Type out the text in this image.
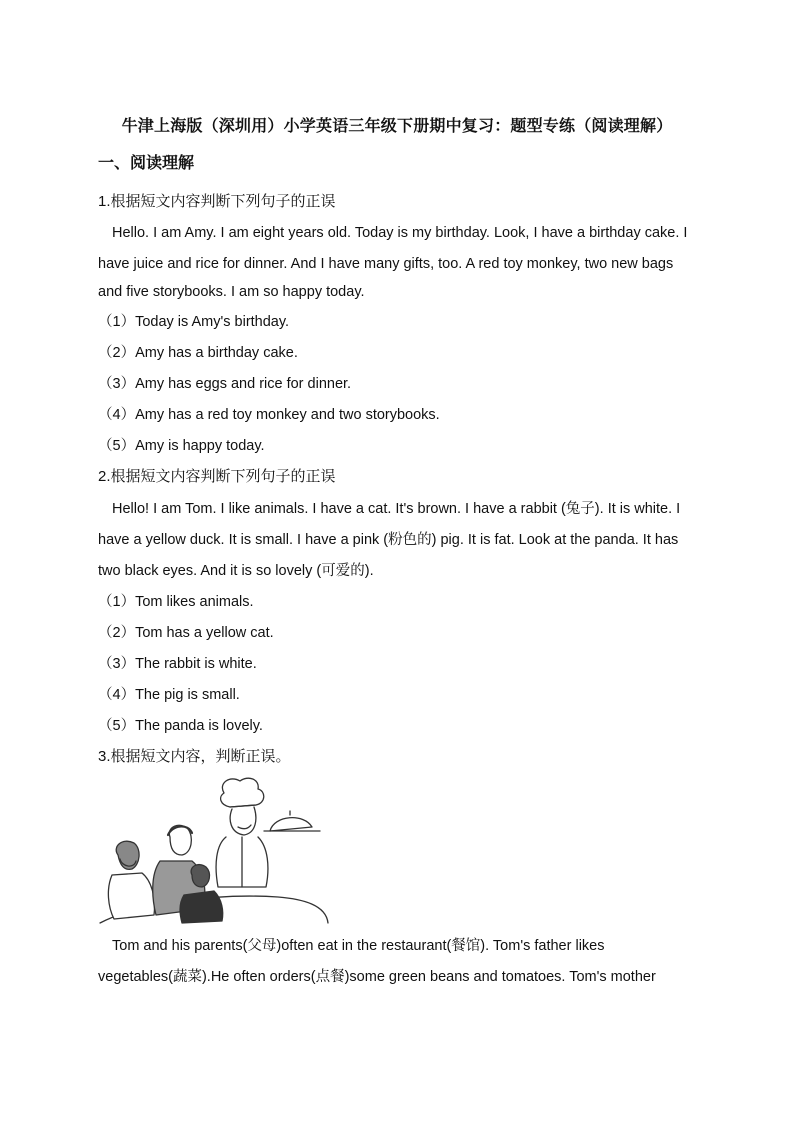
牛津上海版（深圳用）小学英语三年级下册期中复习：题型专练（阅读理解）
一、阅读理解
1.根据短文内容判断下列句子的正误
Hello. I am Amy. I am eight years old. Today is my birthday. Look, I have a birthday cake. I
have juice and rice for dinner. And I have many gifts, too. A red toy monkey, two new bags
and five storybooks. I am so happy today.
（1）Today is Amy's birthday.
（2）Amy has a birthday cake.
（3）Amy has eggs and rice for dinner.
（4）Amy has a red toy monkey and two storybooks.
（5）Amy is happy today.
2.根据短文内容判断下列句子的正误
Hello! I am Tom. I like animals. I have a cat. It's brown. I have a rabbit (兔子). It is white. I
have a yellow duck. It is small. I have a pink (粉色的) pig. It is fat. Look at the panda. It has
two black eyes. And it is so lovely (可爱的).
（1）Tom likes animals.
（2）Tom has a yellow cat.
（3）The rabbit is white.
（4）The pig is small.
（5）The panda is lovely.
3.根据短文内容，判断正误。
Tom and his parents(父母)often eat in the restaurant(餐馆). Tom's father likes
vegetables(蔬菜).He often orders(点餐)some green beans and tomatoes. Tom's mother
